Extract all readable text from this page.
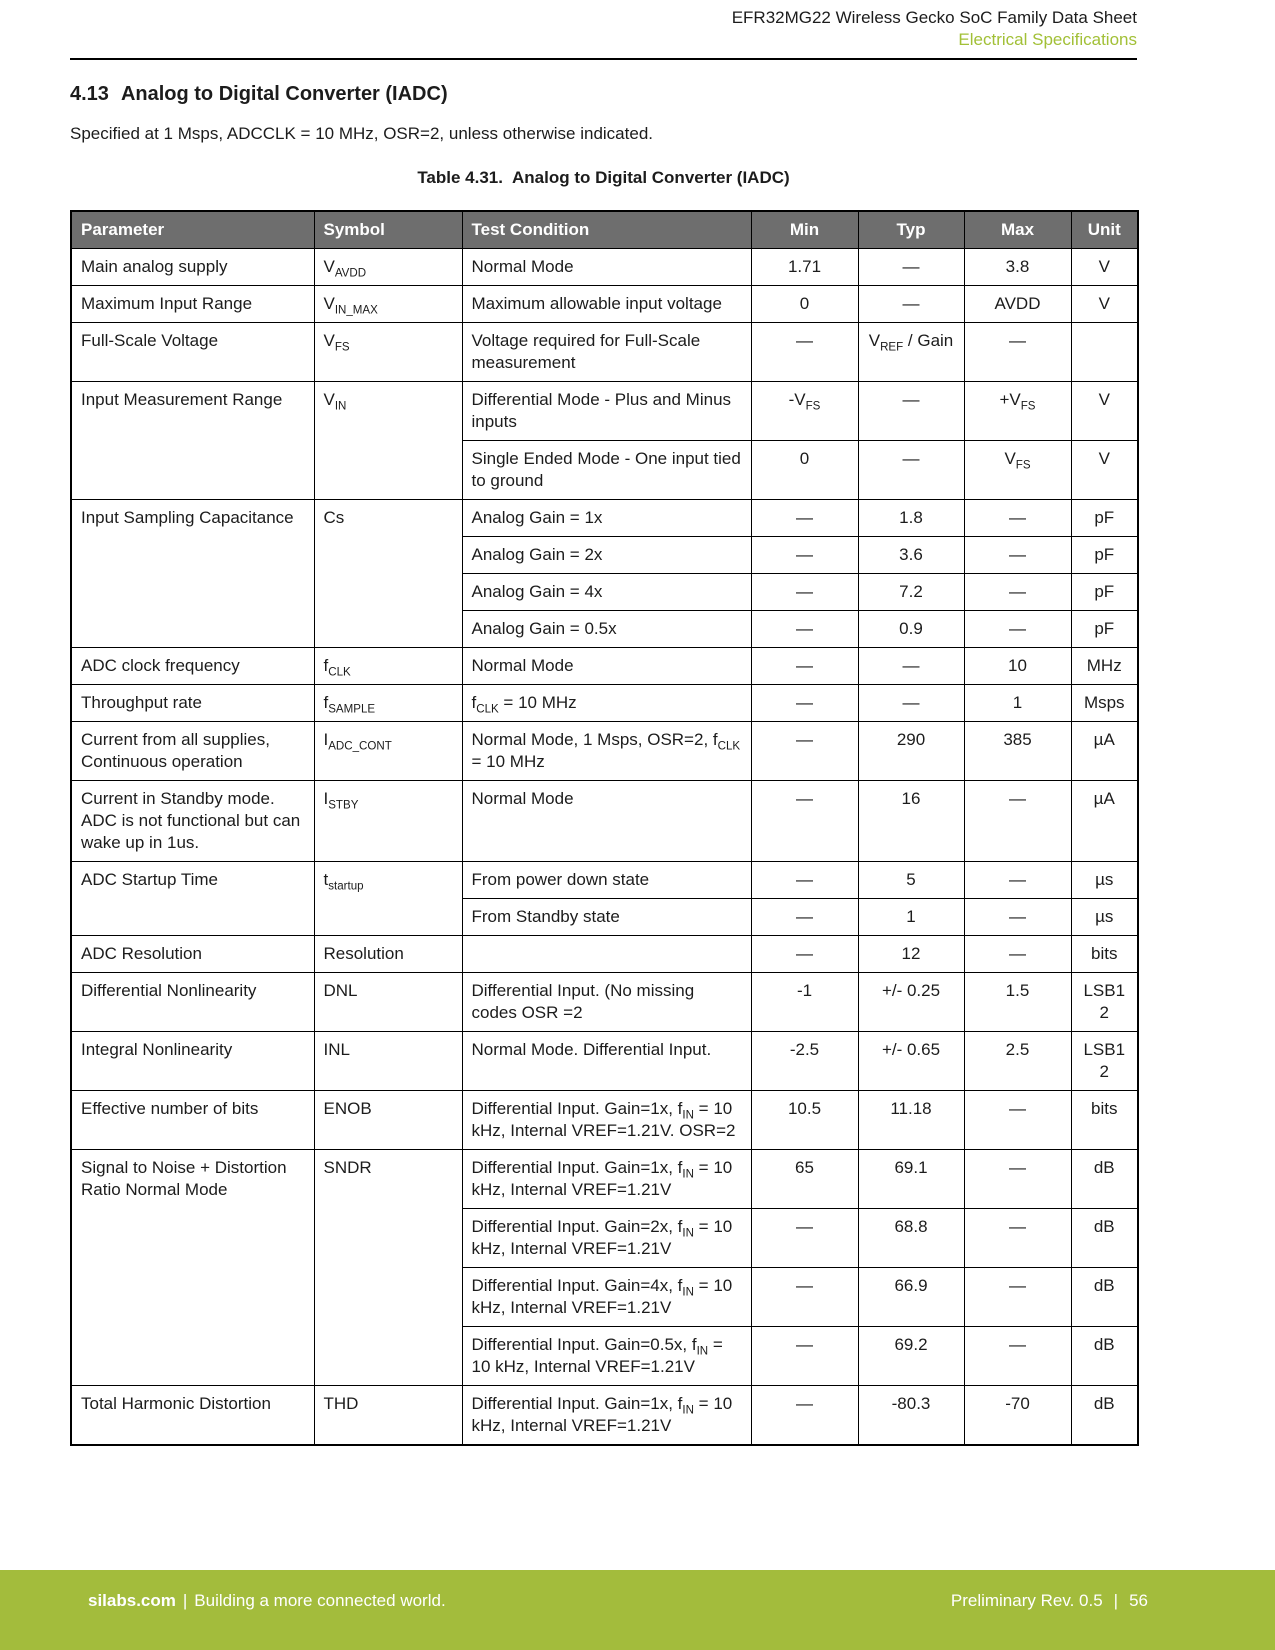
EFR32MG22 Wireless Gecko SoC Family Data Sheet
Electrical Specifications
4.13 Analog to Digital Converter (IADC)

Specified at 1 Msps, ADCCLK = 10 MHz, OSR=2, unless otherwise indicated.

Table 4.31. Analog to Digital Converter (IADC)
Parameter	Symbol	Test Condition	Min	Typ	Max	Unit
Main analog supply	$V_{AVDD}$	Normal Mode	1.71	—	3.8	V
Maximum Input Range	$V_{IN\_MAX}$	Maximum allowable input voltage	0	—	AVDD	V
Full-Scale Voltage	$V_{FS}$	Voltage required for Full-Scale measurement	—	$V_{REF}$ / Gain	—	
Input Measurement Range	$V_{IN}$	Differential Mode - Plus and Minus inputs	$-V_{FS}$	—	$+V_{FS}$	V
		Single Ended Mode - One input tied to ground	0	—	$V_{FS}$	V
Input Sampling Capacitance	Cs	Analog Gain = 1x	—	1.8	—	pF
		Analog Gain = 2x	—	3.6	—	pF
		Analog Gain = 4x	—	7.2	—	pF
		Analog Gain = 0.5x	—	0.9	—	pF
ADC clock frequency	$f_{CLK}$	Normal Mode	—	—	10	MHz
Throughput rate	$f_{SAMPLE}$	$f_{CLK} = 10$ MHz	—	—	1	Msps
Current from all supplies, Continuous operation	$I_{ADC\_CONT}$	Normal Mode, 1 Msps, OSR=2, $f_{CLK} = 10$ MHz	—	290	385	µA
Current in Standby mode. ADC is not functional but can wake up in 1us.	$I_{STBY}$	Normal Mode	—	16	—	µA
ADC Startup Time	$t_{startup}$	From power down state	—	5	—	µs
		From Standby state	—	1	—	µs
ADC Resolution	Resolution		—	12	—	bits
Differential Nonlinearity	DNL	Differential Input. (No missing codes OSR =2	-1	+/- 0.25	1.5	LSB12
Integral Nonlinearity	INL	Normal Mode. Differential Input.	-2.5	+/- 0.65	2.5	LSB12
Effective number of bits	ENOB	Differential Input. Gain=1x, $f_{IN} = 10$ kHz, Internal VREF=1.21V. OSR=2	10.5	11.18	—	bits
Signal to Noise + Distortion Ratio Normal Mode	SNDR	Differential Input. Gain=1x, $f_{IN} = 10$ kHz, Internal VREF=1.21V	65	69.1	—	dB
		Differential Input. Gain=2x, $f_{IN} = 10$ kHz, Internal VREF=1.21V	—	68.8	—	dB
		Differential Input. Gain=4x, $f_{IN} = 10$ kHz, Internal VREF=1.21V	—	66.9	—	dB
		Differential Input. Gain=0.5x, $f_{IN} = 10$ kHz, Internal VREF=1.21V	—	69.2	—	dB
Total Harmonic Distortion	THD	Differential Input. Gain=1x, $f_{IN} = 10$ kHz, Internal VREF=1.21V	—	-80.3	-70	dB
silabs.com | Building a more connected world.	Preliminary Rev. 0.5 | 56
